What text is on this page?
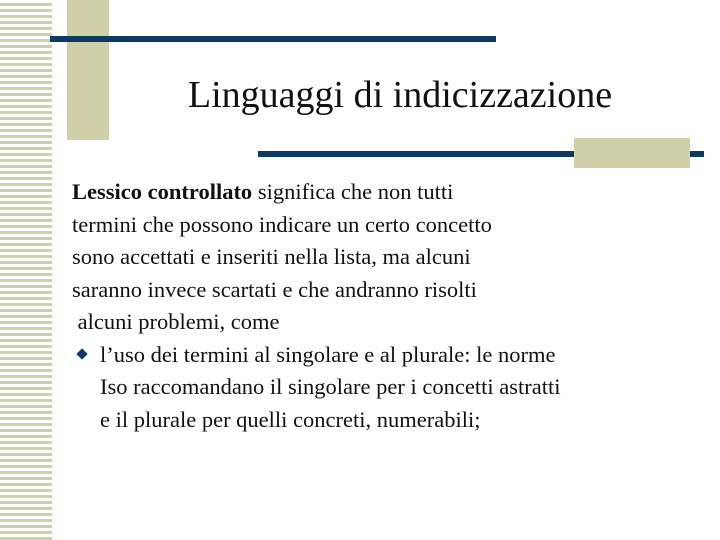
Linguaggi di indicizzazione
Lessico controllato significa che non tutti
termini che possono indicare un certo concetto
sono accettati e inseriti nella lista, ma alcuni
saranno invece scartati e che andranno risolti
alcuni problemi, come
l’uso dei termini al singolare e al plurale: le norme
Iso raccomandano il singolare per i concetti astratti
e il plurale per quelli concreti, numerabili;
